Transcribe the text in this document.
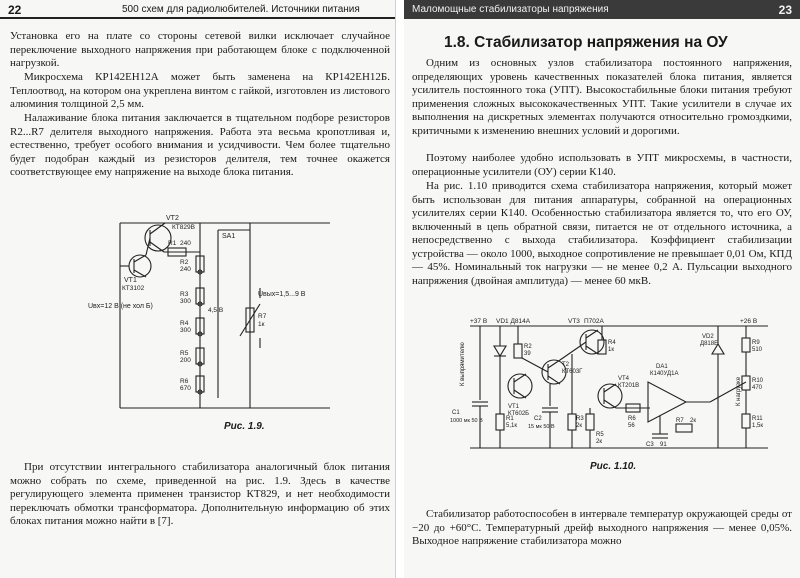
22	500 схем для радиолюбителей. Источники питания

Установка его на плате со стороны сетевой вилки исключает случайное переключение выходного напряжения при работающем блоке с подключенной нагрузкой.

Микросхема КР142ЕН12А может быть заменена на КР142ЕН12Б. Теплоотвод, на котором она укреплена винтом с гайкой, изготовлен из листового алюминия толщиной 2,5 мм.

Налаживание блока питания заключается в тщательном подборе резисторов R2...R7 делителя выходного напряжения. Работа эта весьма кропотливая и, естественно, требует особого внимания и усидчивости. Чем более тщательно будет подобран каждый из резисторов делителя, тем точнее окажется соответствующее ему напряжение на выходе блока питания.

VT2
КТ829В
VT1
КТ3102
R1 240
SA1
R2
240
R3
300
R4
300
R5
200
R6
670
R7
1к
Uвх=12 В (не хол Б)
Uвых=1,5...9 В
4,5 В
Рис. 1.9.

При отсутствии интегрального стабилизатора аналогичный блок питания можно собрать по схеме, приведенной на рис. 1.9. Здесь в качестве регулирующего элемента применен транзистор КТ829, и нет необходимости переключать обмотки трансформатора. Дополнительную информацию об этих блоках питания можно найти в [7].

Маломощные стабилизаторы напряжения	23
1.8. Стабилизатор напряжения на ОУ

Одним из основных узлов стабилизатора постоянного напряжения, определяющих уровень качественных показателей блока питания, является усилитель постоянного тока (УПТ). Высокостабильные блоки питания требуют применения сложных высококачественных УПТ. Такие усилители в случае их выполнения на дискретных элементах получаются относительно громоздкими, критичными к изменению внешних условий и дорогими.

Поэтому наиболее удобно использовать в УПТ микросхемы, в частности, операционные усилители (ОУ) серии К140.

На рис. 1.10 приводится схема стабилизатора напряжения, который может быть использован для питания аппаратуры, собранной на операционных усилителях серии К140. Особенностью стабилизатора является то, что его ОУ, включенный в цепь обратной связи, питается не от отдельного источника, а непосредственно с выхода стабилизатора. Коэффициент стабилизации устройства — около 1000, выходное сопротивление не превышает 0,01 Ом, КПД — 45%. Номинальный ток нагрузки — не менее 0,2 А. Пульсации выходного напряжения (двойная амплитуда) — менее 60 мкВ.

+37 В VD1 Д814А	VT3 П702А	+26 В
R2
39
T2
КТ603Г
VT1
КТ602Б
R4
1к
VT4
КТ201В
DA1
К140УД1А
VD2
Д818Е	R9
510
R10
470
R11
1,5к
C1
1000 мк 50 В	C2
15 мк 50 В
R1
5,1к
R3
2к
R5
2к
R6
56
C3 91
R7 2к
К выпрямителю
К нагрузке
Рис. 1.10.

Стабилизатор работоспособен в интервале температур окружающей среды от −20 до +60°С. Температурный дрейф выходного напряжения — менее 0,05%. Выходное напряжение стабилизатора можно
